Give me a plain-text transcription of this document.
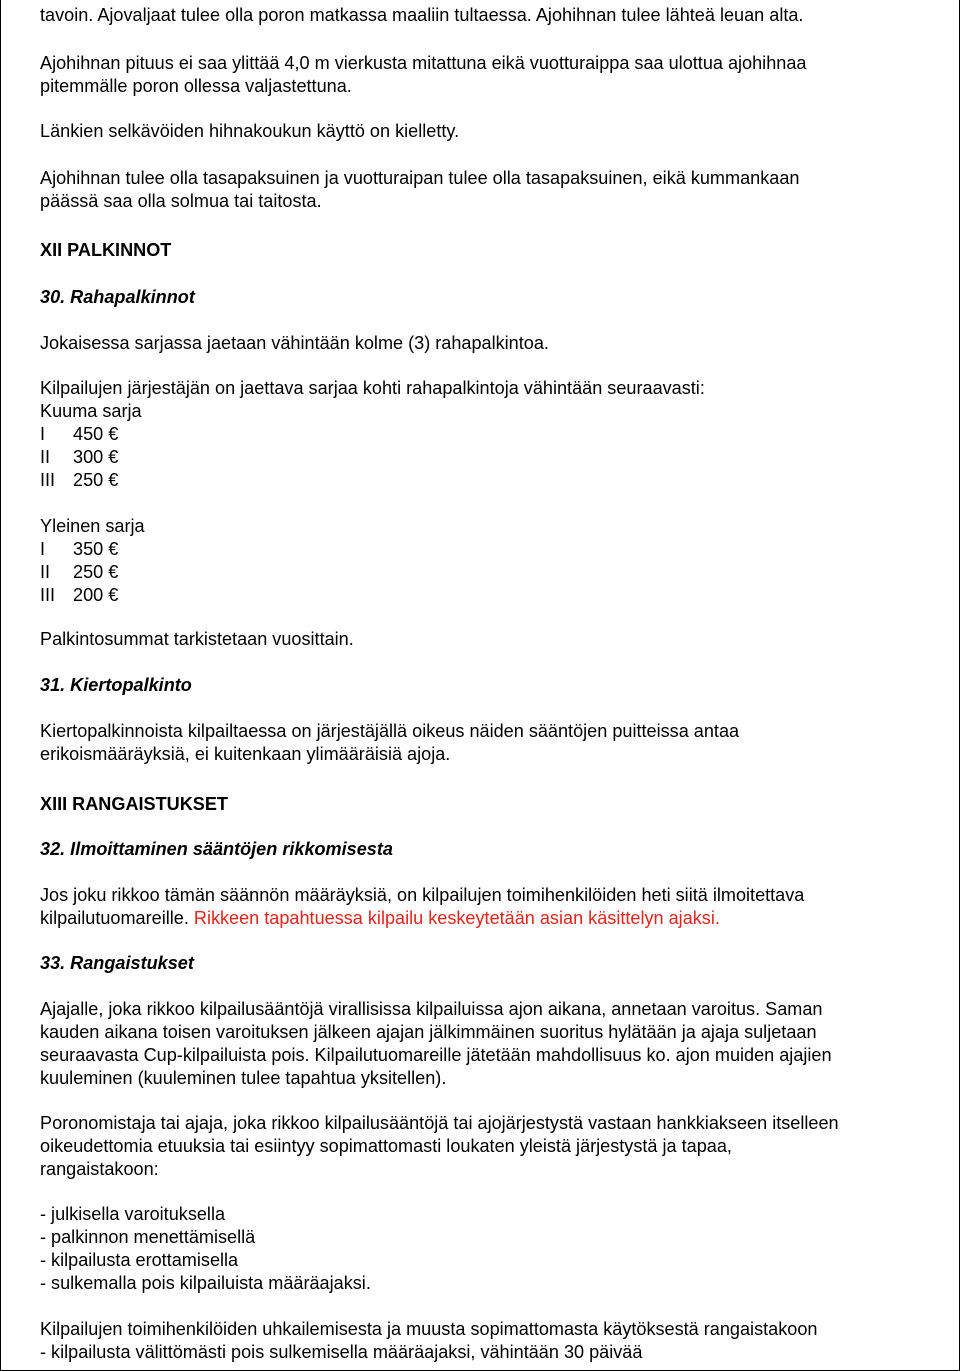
tavoin. Ajovaljaat tulee olla poron matkassa maaliin tultaessa. Ajohihnan tulee lähteä leuan alta.

Ajohihnan pituus ei saa ylittää 4,0 m vierkusta mitattuna eikä vuotturaippa saa ulottua ajohihnaa

pitemmälle poron ollessa valjastettuna.

Länkien selkävöiden hihnakoukun käyttö on kielletty.

Ajohihnan tulee olla tasapaksuinen ja vuotturaipan tulee olla tasapaksuinen, eikä kummankaan

päässä saa olla solmua tai taitosta.

XII PALKINNOT

30. Rahapalkinnot

Jokaisessa sarjassa jaetaan vähintään kolme (3) rahapalkintoa.

Kilpailujen järjestäjän on jaettava sarjaa kohti rahapalkintoja vähintään seuraavasti:

Kuuma sarja

I 450 €

II 300 €

III 250 €

Yleinen sarja

I 350 €

II 250 €

III 200 €

Palkintosummat tarkistetaan vuosittain.

31. Kiertopalkinto

Kiertopalkinnoista kilpailtaessa on järjestäjällä oikeus näiden sääntöjen puitteissa antaa

erikoismääräyksiä, ei kuitenkaan ylimääräisiä ajoja.

XIII RANGAISTUKSET

32. Ilmoittaminen sääntöjen rikkomisesta

Jos joku rikkoo tämän säännön määräyksiä, on kilpailujen toimihenkilöiden heti siitä ilmoitettava

kilpailutuomareille. Rikkeen tapahtuessa kilpailu keskeytetään asian käsittelyn ajaksi.

33. Rangaistukset

Ajajalle, joka rikkoo kilpailusääntöjä virallisissa kilpailuissa ajon aikana, annetaan varoitus. Saman

kauden aikana toisen varoituksen jälkeen ajajan jälkimmäinen suoritus hylätään ja ajaja suljetaan

seuraavasta Cup-kilpailuista pois. Kilpailutuomareille jätetään mahdollisuus ko. ajon muiden ajajien

kuuleminen (kuuleminen tulee tapahtua yksitellen).

Poronomistaja tai ajaja, joka rikkoo kilpailusääntöjä tai ajojärjestystä vastaan hankkiakseen itselleen

oikeudettomia etuuksia tai esiintyy sopimattomasti loukaten yleistä järjestystä ja tapaa,

rangaistakoon:

- julkisella varoituksella

- palkinnon menettämisellä

- kilpailusta erottamisella

- sulkemalla pois kilpailuista määräajaksi.

Kilpailujen toimihenkilöiden uhkailemisesta ja muusta sopimattomasta käytöksestä rangaistakoon

- kilpailusta välittömästi pois sulkemisella määräajaksi, vähintään 30 päivää
